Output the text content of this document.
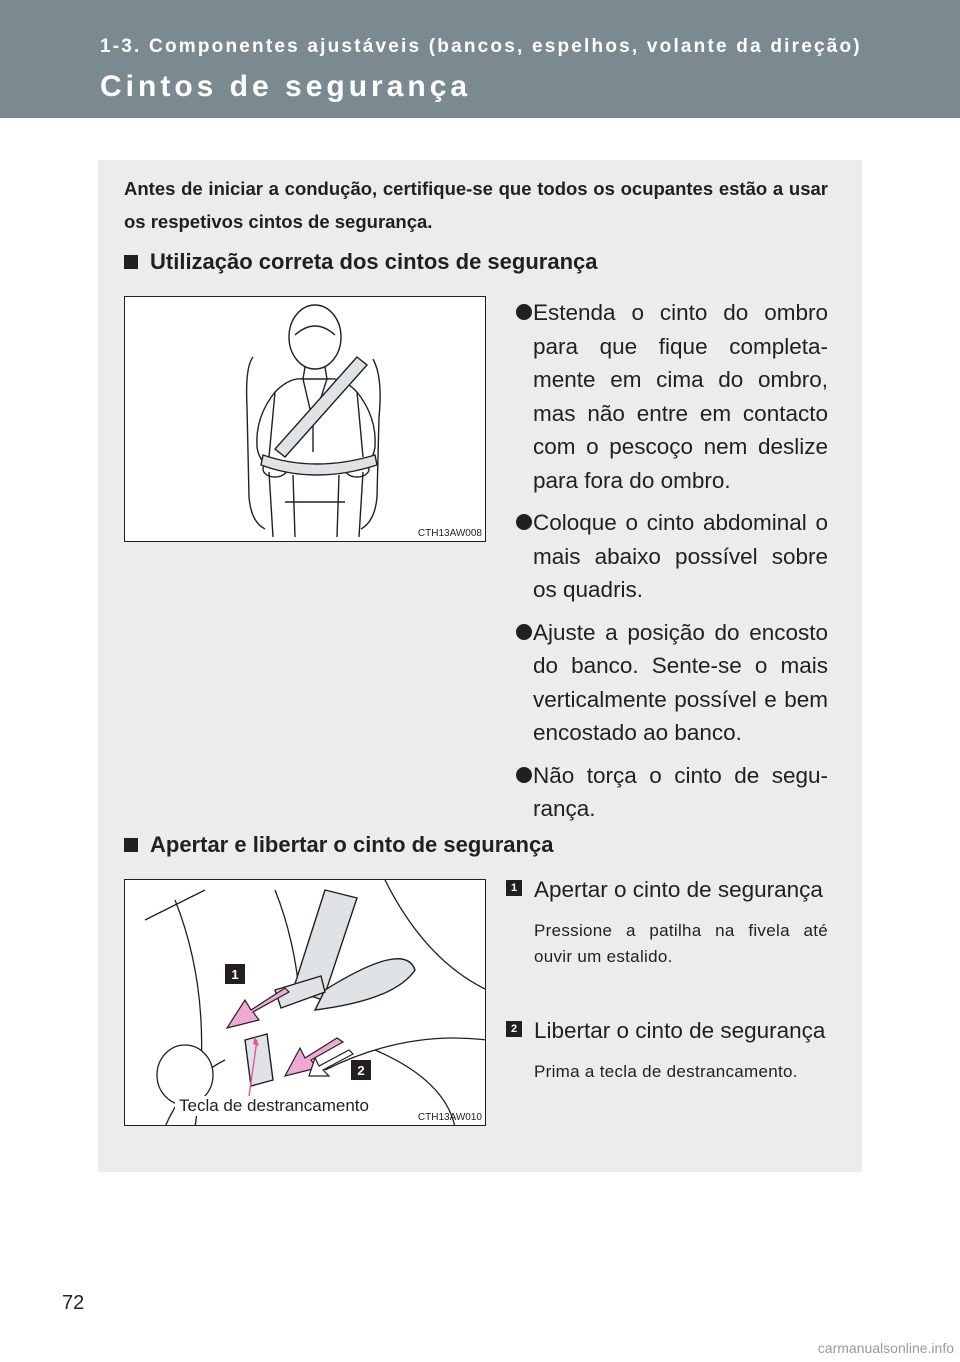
1-3. Componentes ajustáveis (bancos, espelhos, volante da direção)
Cintos de segurança
Antes de iniciar a condução, certifique-se que todos os ocupantes estão a usar os respetivos cintos de segurança.
Utilização correta dos cintos de segurança
CTH13AW008

Estenda o cinto do ombro para que fique completamente em cima do ombro, mas não entre em contacto com o pescoço nem deslize para fora do ombro.

Coloque o cinto abdominal o mais abaixo possível sobre os quadris.
Ajuste a posição do encosto do banco. Sente-se o mais verticalmente possível e bem encostado ao banco.
Não torça o cinto de segurança.
Apertar e libertar o cinto de segurança
1
2
Tecla de destrancamento
CTH13AW010
1 Apertar o cinto de segurança
Pressione a patilha na fivela até ouvir um estalido.
2 Libertar o cinto de segurança
Prima a tecla de destrancamento.
72
carmanualsonline.info
